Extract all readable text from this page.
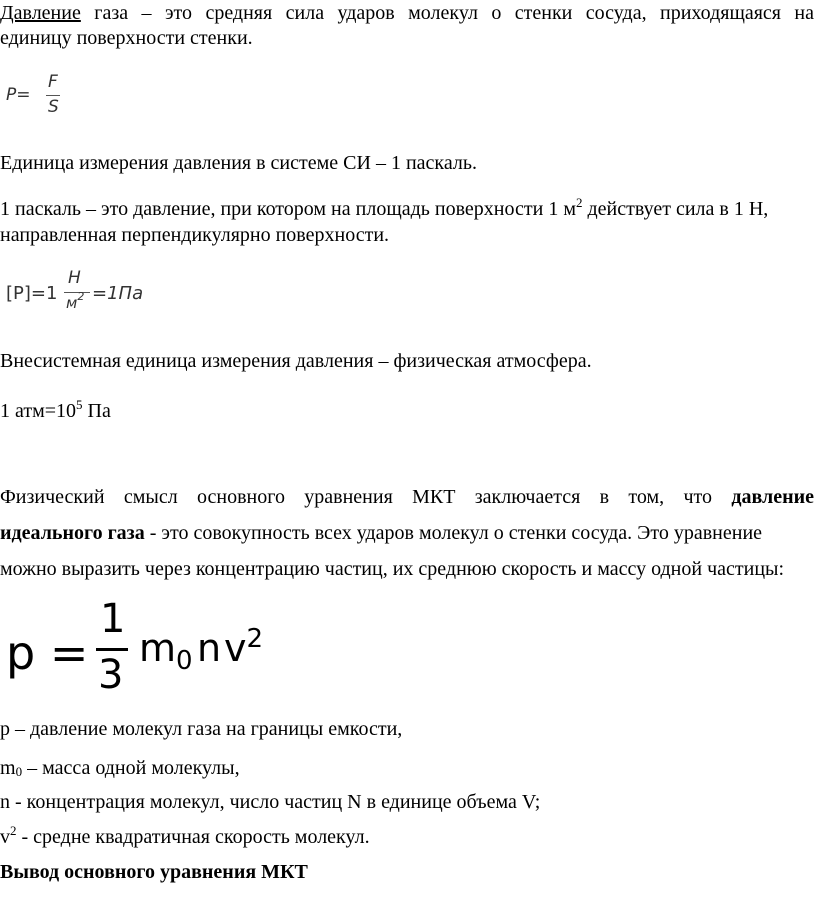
Давление газа – это средняя сила ударов молекул о стенки сосуда, приходящаяся на
единицу поверхности стенки.
P=
F
S
Единица измерения давления в системе СИ – 1 паскаль.
1 паскаль – это давление, при котором на площадь поверхности 1 $м^2$ действует сила в 1 Н,
направленная перпендикулярно поверхности.
[P]=1
Н
$м^2 =1Па$
Внесистемная единица измерения давления – физическая атмосфера.
1 $атм=10^5$ Па
Физический смысл основного уравнения МКТ заключается в том, что давление
идеального газа - это совокупность всех ударов молекул о стенки сосуда. Это уравнение
можно выразить через концентрацию частиц, их среднюю скорость и массу одной частицы:
p =
1
3
$m_0$ n $v^2$
p – давление молекул газа на границы емкости,
$m_0$ – масса одной молекулы,
n - концентрация молекул, число частиц N в единице объема V;
$v^2$ - средне квадратичная скорость молекул.
Вывод основного уравнения МКТ
